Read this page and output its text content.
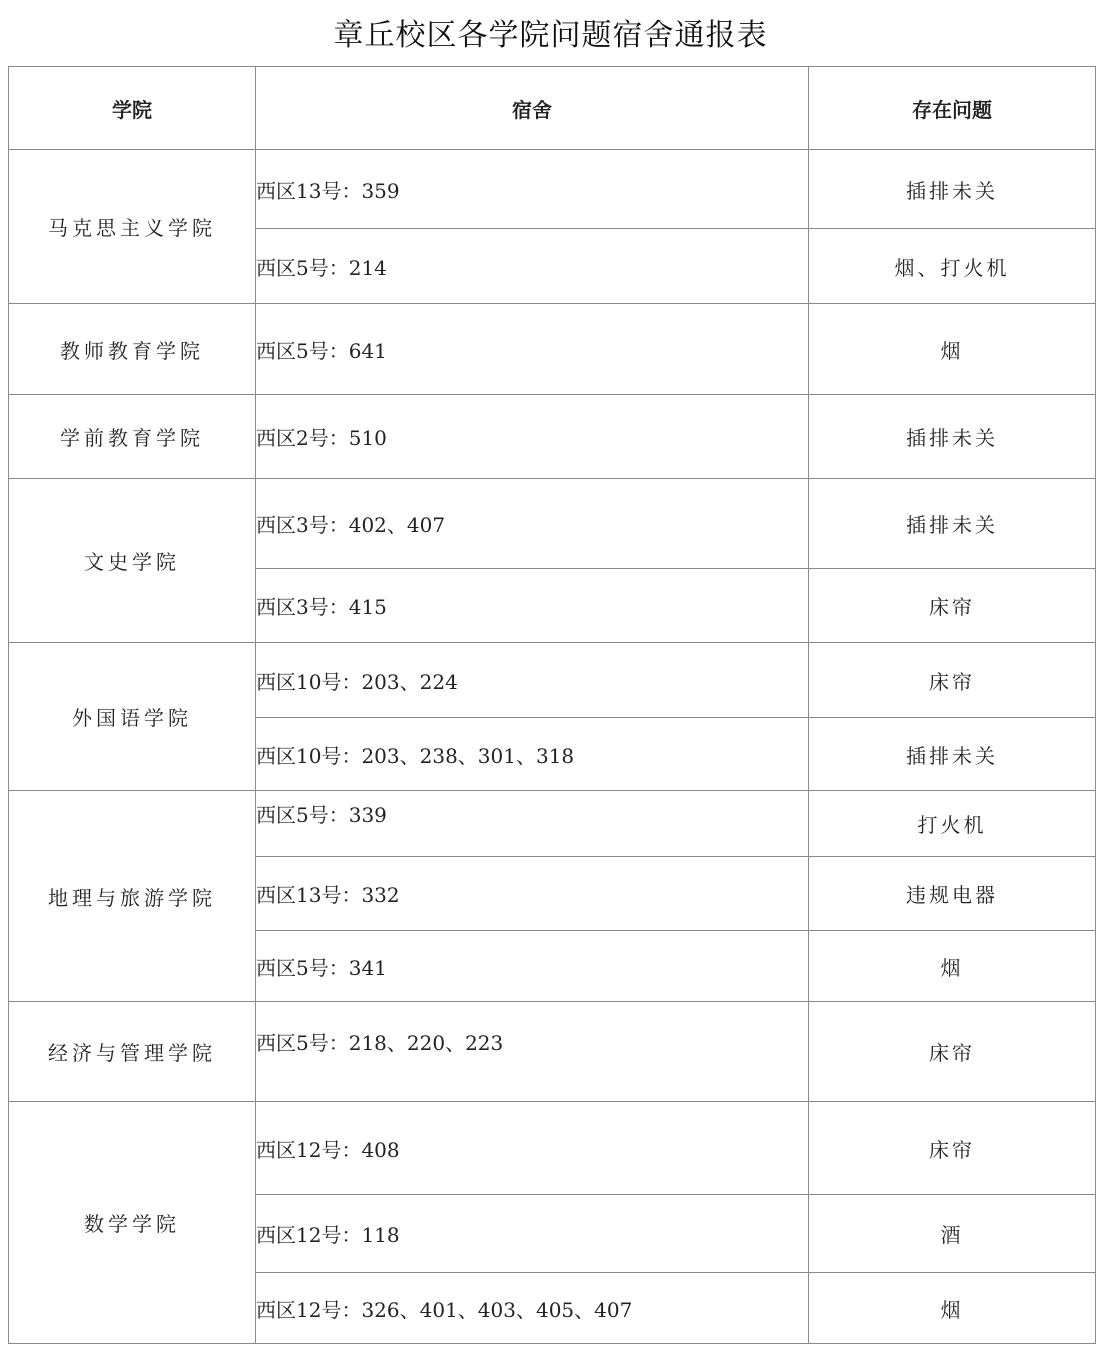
章丘校区各学院问题宿舍通报表
学院	宿舍	存在问题
马克思主义学院	西区13号：359	插排未关
	西区5号：214	烟、打火机
教师教育学院	西区5号：641	烟
学前教育学院	西区2号：510	插排未关
文史学院	西区3号：402、407	插排未关
	西区3号：415	床帘
外国语学院	西区10号：203、224	床帘
	西区10号：203、238、301、318	插排未关
地理与旅游学院	西区5号：339	打火机
	西区13号：332	违规电器
	西区5号：341	烟
经济与管理学院	西区5号：218、220、223	床帘
数学学院	西区12号：408	床帘
	西区12号：118	酒
	西区12号：326、401、403、405、407	烟
